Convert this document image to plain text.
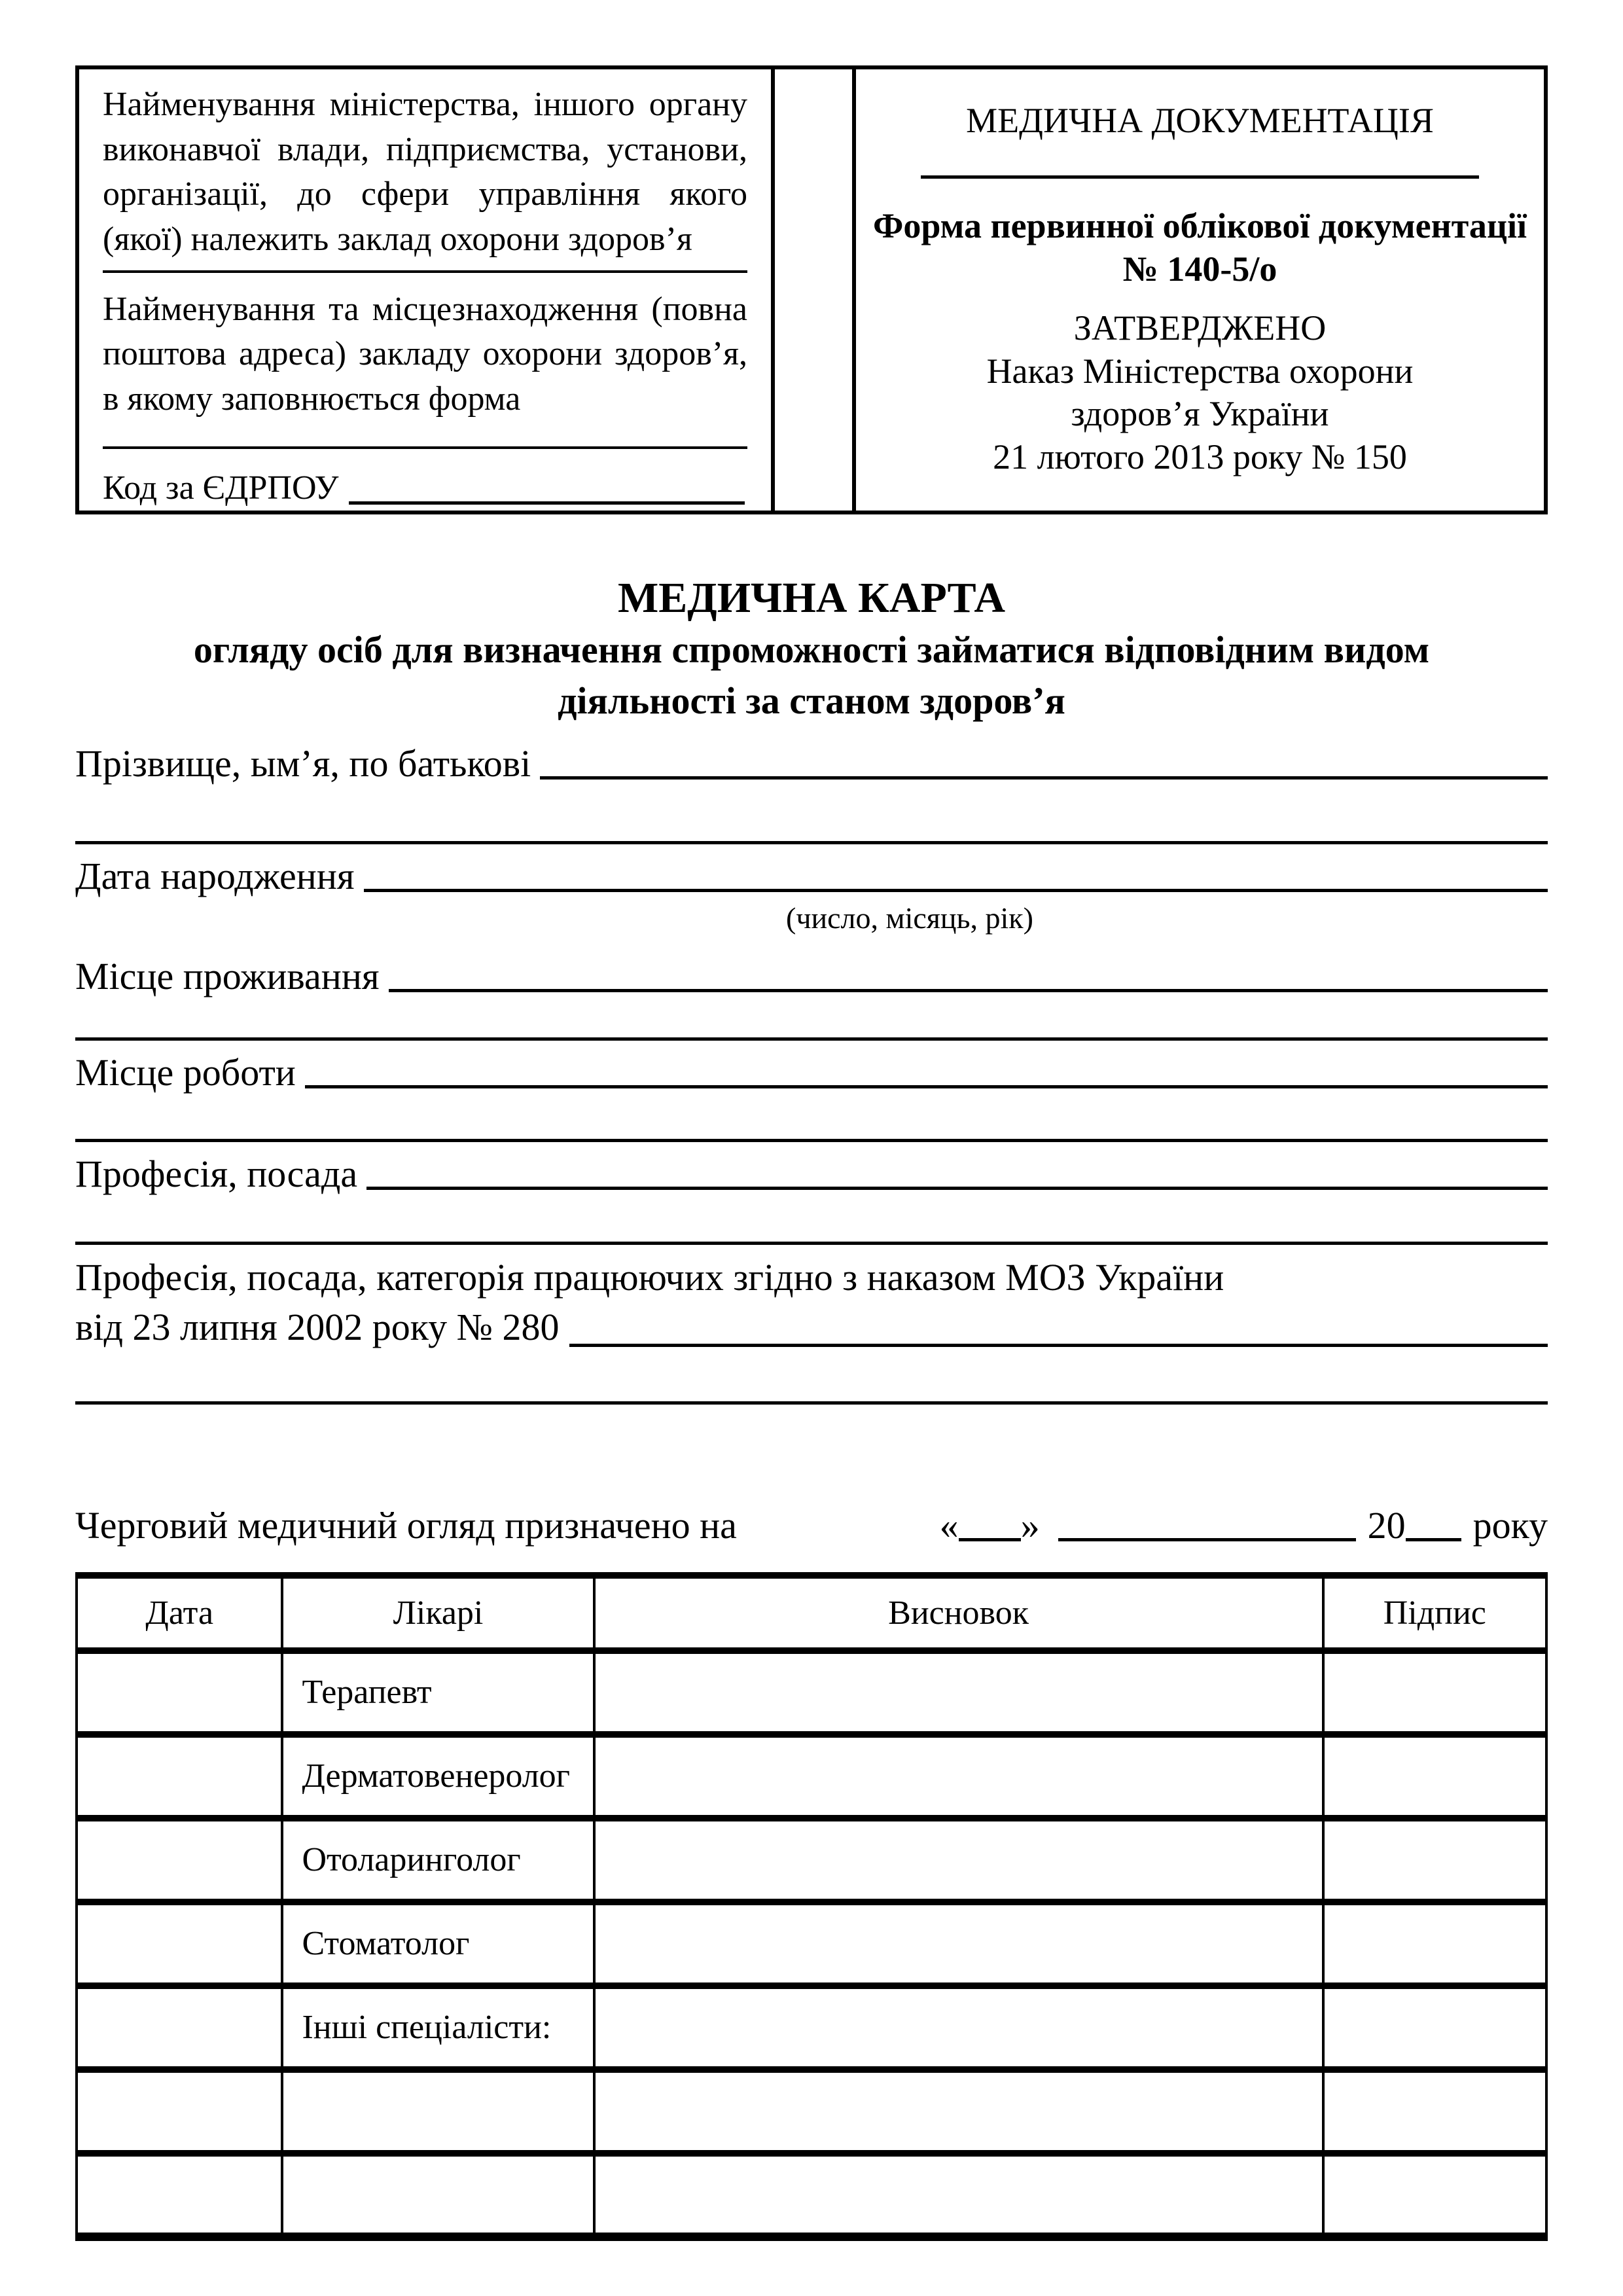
Найменування міністерства, іншого органу виконавчої влади, підприємства, установи, організації, до сфери управління якого (якої) належить заклад охорони здоров’я
Найменування та місцезнаходження (повна поштова адреса) закладу охорони здоров’я, в якому заповнюється форма
Код за ЄДРПОУ
МЕДИЧНА ДОКУМЕНТАЦІЯ
Форма первинної облікової документації
№ 140-5/о
ЗАТВЕРДЖЕНО
Наказ Міністерства охорони
здоров’я України
21 лютого 2013 року № 150
МЕДИЧНА КАРТА
огляду осіб для визначення спроможності займатися відповідним видом
діяльності за станом здоров’я
Прізвище, ым’я, по батькові
Дата народження
(число, місяць, рік)
Місце проживання
Місце роботи
Професія, посада
Професія, посада, категорія працюючих згідно з наказом МОЗ України
від 23 липня 2002 року № 280
Черговий медичний огляд призначено на	« »	20 року
Дата	Лікарі	Висновок	Підпис
	Терапевт		
	Дерматовенеролог		
	Отоларинголог		
	Стоматолог		
	Інші спеціалісти:		
